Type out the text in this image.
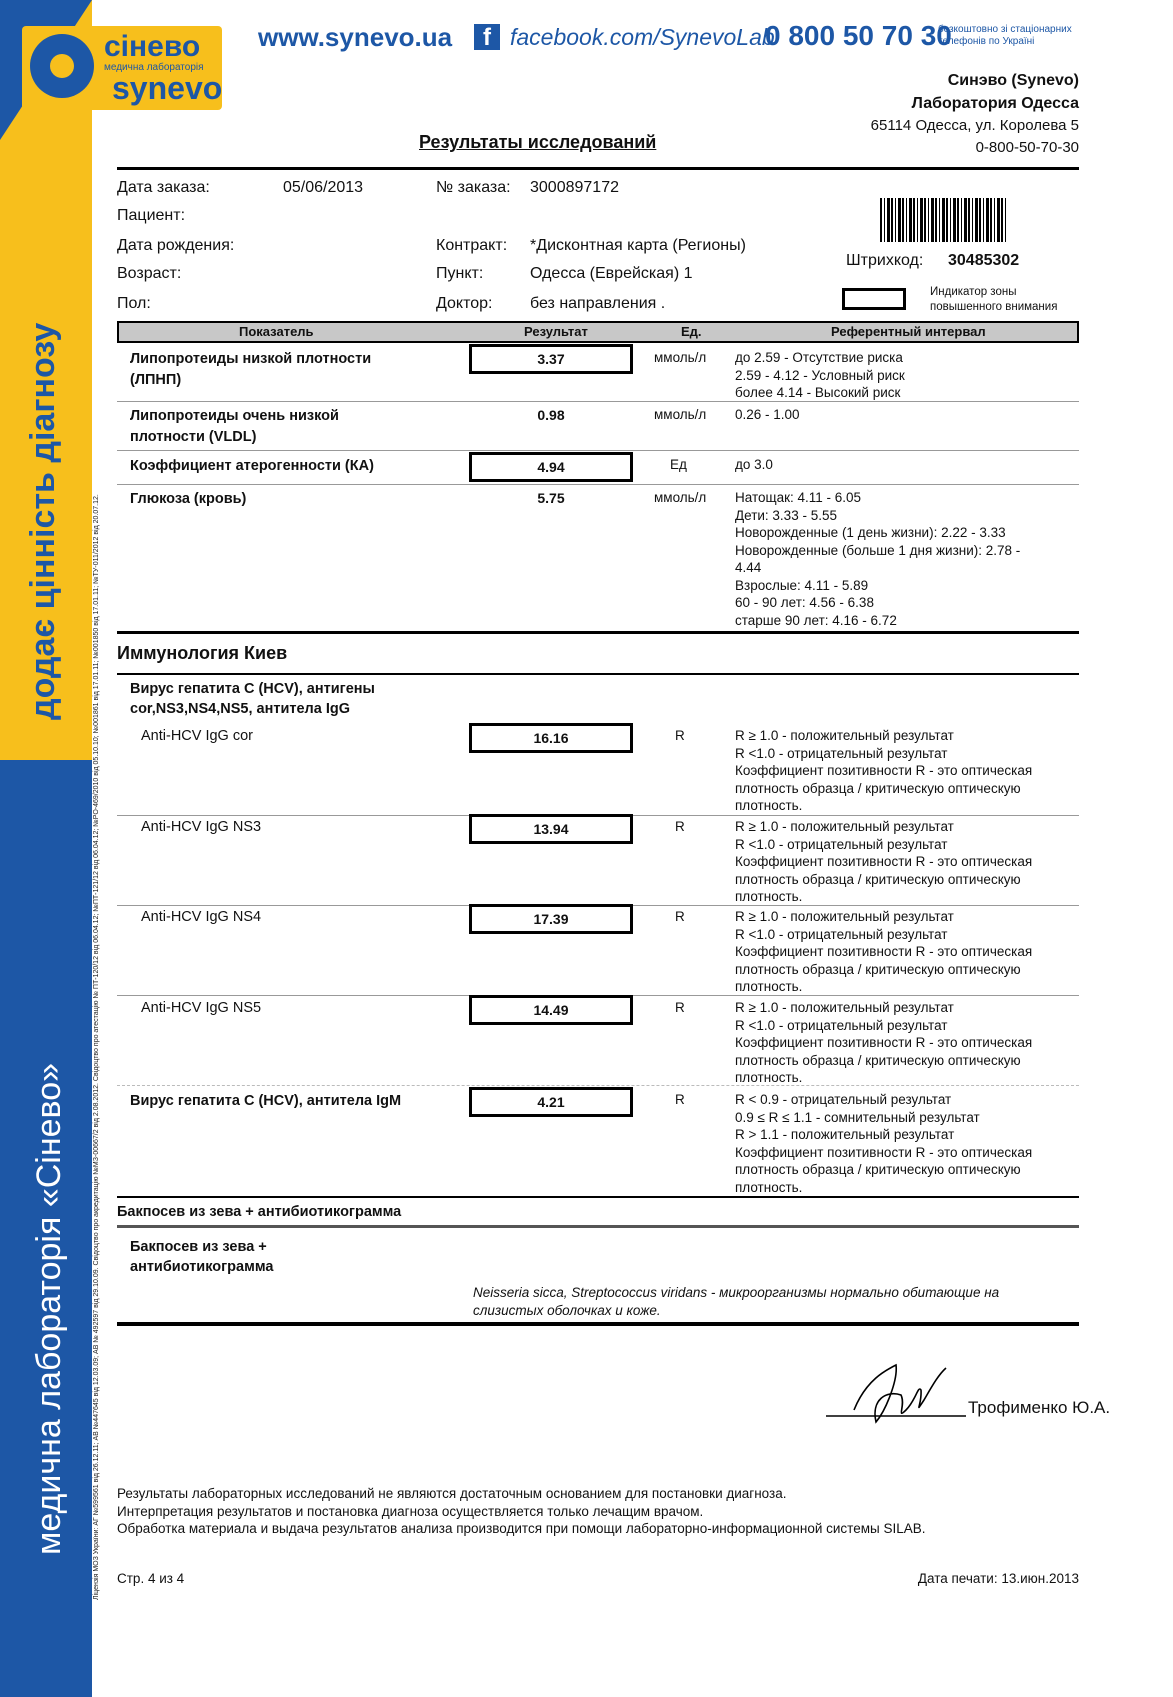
додає цінність діагнозу
медична лабораторія «Сінево»	Ліцензія МОЗ України: АГ №599561 від 26.12.11; АВ №447645 від 12.03.09; АВ № 492597 від 29.10.09. Свідоцтво про акредитацію №МЗ-00667/2 від 2.08.2012. Свідоцтво про атестацію № ПТ-120/12 від 06.04.12; №ПТ-121/12 від 06.04.12; №РО-469/2010 від 05.10.10; №001861 від 17.01.11; №001850 від 17.01.11; №ТУ-011/2012 від 20.07.12.
сінево
медична лабораторія
synevo
www.synevo.ua	f facebook.com/SynevoLab
0 800 50 70 30
безкоштовно зі стаціонарних телефонів по Україні
Синэво (Synevo)
Лаборатория Одесса
65114 Одесса, ул. Королева 5
0-800-50-70-30
Результаты исследований
Дата заказа:	05/06/2013	№ заказа: 3000897172
Пациент:
Дата рождения:	Контракт: *Дисконтная карта (Регионы)
Возраст:	Пункт:	Одесса (Еврейская) 1
Пол:	Доктор: без направления .
Штрихкод: 30485302
Индикатор зоны повышенного внимания
Показатель	Результат	Ед.	Референтный интервал
Липопротеиды низкой плотности
(ЛПНП)
3.37	ммоль/л до 2.59 - Отсутствие риска
2.59 - 4.12 - Условный риск
более 4.14 - Высокий риск
Липопротеиды очень низкой
плотности (VLDL)
0.98	ммоль/л 0.26 - 1.00
Коэффициент атерогенности (КА)	4.94	Ед	до 3.0
Глюкоза (кровь)	5.75	ммоль/л Натощак: 4.11 - 6.05
Дети: 3.33 - 5.55
Новорожденные (1 день жизни): 2.22 - 3.33
Новорожденные (больше 1 дня жизни): 2.78 -
4.44
Взрослые: 4.11 - 5.89
60 - 90 лет: 4.56 - 6.38
старше 90 лет: 4.16 - 6.72
Иммунология Киев
Вирус гепатита С (HCV), антигены
cor,NS3,NS4,NS5, антитела IgG
Anti-HCV IgG cor	16.16	R	R ≥ 1.0 - положительный результат
R <1.0 - отрицательный результат
Коэффициент позитивности R - это оптическая
плотность образца / критическую оптическую
плотность.
Anti-HCV IgG NS3	13.94	R	R ≥ 1.0 - положительный результат
R <1.0 - отрицательный результат
Коэффициент позитивности R - это оптическая
плотность образца / критическую оптическую
плотность.
Anti-HCV IgG NS4	17.39	R	R ≥ 1.0 - положительный результат
R <1.0 - отрицательный результат
Коэффициент позитивности R - это оптическая
плотность образца / критическую оптическую
плотность.
Anti-HCV IgG NS5	14.49	R	R ≥ 1.0 - положительный результат
R <1.0 - отрицательный результат
Коэффициент позитивности R - это оптическая
плотность образца / критическую оптическую
плотность.
Вирус гепатита С (HCV), антитела IgM	4.21	R	R < 0.9 - отрицательный результат
0.9 ≤ R ≤ 1.1 - сомнительный результат
R > 1.1 - положительный результат
Коэффициент позитивности R - это оптическая
плотность образца / критическую оптическую
плотность.
Бакпосев из зева + антибиотикограмма
Бакпосев из зева +
антибиотикограмма
Neisseria sicca, Streptococcus viridans - микроорганизмы нормально обитающие на
слизистых оболочках и коже.
Трофименко Ю.А.
Результаты лабораторных исследований не являются достаточным основанием для постановки диагноза.
Интерпретация результатов и постановка диагноза осуществляется только лечащим врачом.
Обработка материала и выдача результатов анализа производится при помощи лабораторно-информационной системы SILAB.
Стр. 4 из 4	Дата печати: 13.июн.2013
